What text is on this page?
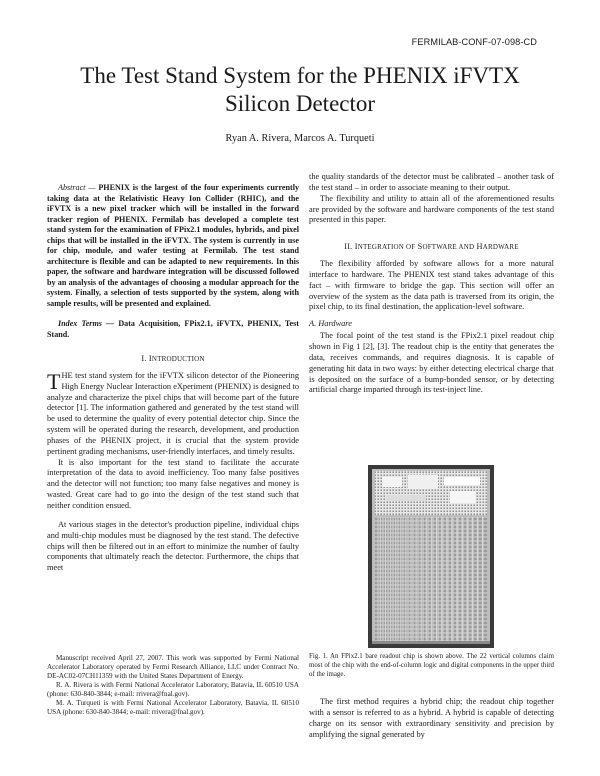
FERMILAB-CONF-07-098-CD
The Test Stand System for the PHENIX iFVTX
Silicon Detector
Ryan A. Rivera, Marcos A. Turqueti

Abstract — PHENIX is the largest of the four experiments currently taking data at the Relativistic Heavy Ion Collider (RHIC), and the iFVTX is a new pixel tracker which will be installed in the forward tracker region of PHENIX. Fermilab has developed a complete test stand system for the examination of FPix2.1 modules, hybrids, and pixel chips that will be installed in the iFVTX. The system is currently in use for chip, module, and wafer testing at Fermilab. The test stand architecture is flexible and can be adapted to new requirements. In this paper, the software and hardware integration will be discussed followed by an analysis of the advantages of choosing a modular approach for the system. Finally, a selection of tests supported by the system, along with sample results, will be presented and explained.

Index Terms — Data Acquisition, FPix2.1, iFVTX, PHENIX, Test Stand.

I. INTRODUCTION

THE test stand system for the iFVTX silicon detector of the Pioneering High Energy Nuclear Interaction eXperiment (PHENIX) is designed to analyze and characterize the pixel chips that will become part of the future detector [1]. The information gathered and generated by the test stand will be used to determine the quality of every potential detector chip. Since the system will be operated during the research, development, and production phases of the PHENIX project, it is crucial that the system provide pertinent grading mechanisms, user-friendly interfaces, and timely results.

It is also important for the test stand to facilitate the accurate interpretation of the data to avoid inefficiency. Too many false positives and the detector will not function; too many false negatives and money is wasted. Great care had to go into the design of the test stand such that neither condition ensued.

At various stages in the detector's production pipeline, individual chips and multi-chip modules must be diagnosed by the test stand. The defective chips will then be filtered out in an effort to minimize the number of faulty components that ultimately reach the detector. Furthermore, the chips that meet

Manuscript received April 27, 2007. This work was supported by Fermi National Accelerator Laboratory operated by Fermi Research Alliance, LLC under Contract No. DE-AC02-07CH11359 with the United States Department of Energy.

R. A. Rivera is with Fermi National Accelerator Laboratory, Batavia, IL 60510 USA (phone: 630-840-3844; e-mail: rrivera@fnal.gov).

M. A. Turqueti is with Fermi National Accelerator Laboratory, Batavia, IL 60510 USA (phone: 630-840-3844; e-mail: rrivera@fnal.gov).

the quality standards of the detector must be calibrated – another task of the test stand – in order to associate meaning to their output.

The flexibility and utility to attain all of the aforementioned results are provided by the software and hardware components of the test stand presented in this paper.

II. INTEGRATION OF SOFTWARE AND HARDWARE

The flexibility afforded by software allows for a more natural interface to hardware. The PHENIX test stand takes advantage of this fact – with firmware to bridge the gap. This section will offer an overview of the system as the data path is traversed from its origin, the pixel chip, to its final destination, the application-level software.

A. Hardware

The focal point of the test stand is the FPix2.1 pixel readout chip shown in Fig 1 [2], [3]. The readout chip is the entity that generates the data, receives commands, and requires diagnosis. It is capable of generating hit data in two ways: by either detecting electrical charge that is deposited on the surface of a bump-bonded sensor, or by detecting artificial charge imparted through its test-inject line.

Fig. 1. An FPix2.1 bare readout chip is shown above. The 22 vertical columns claim most of the chip with the end-of-column logic and digital components in the upper third of the image.

The first method requires a hybrid chip; the readout chip together with a sensor is referred to as a hybrid. A hybrid is capable of detecting charge on its sensor with extraordinary sensitivity and precision by amplifying the signal generated by
